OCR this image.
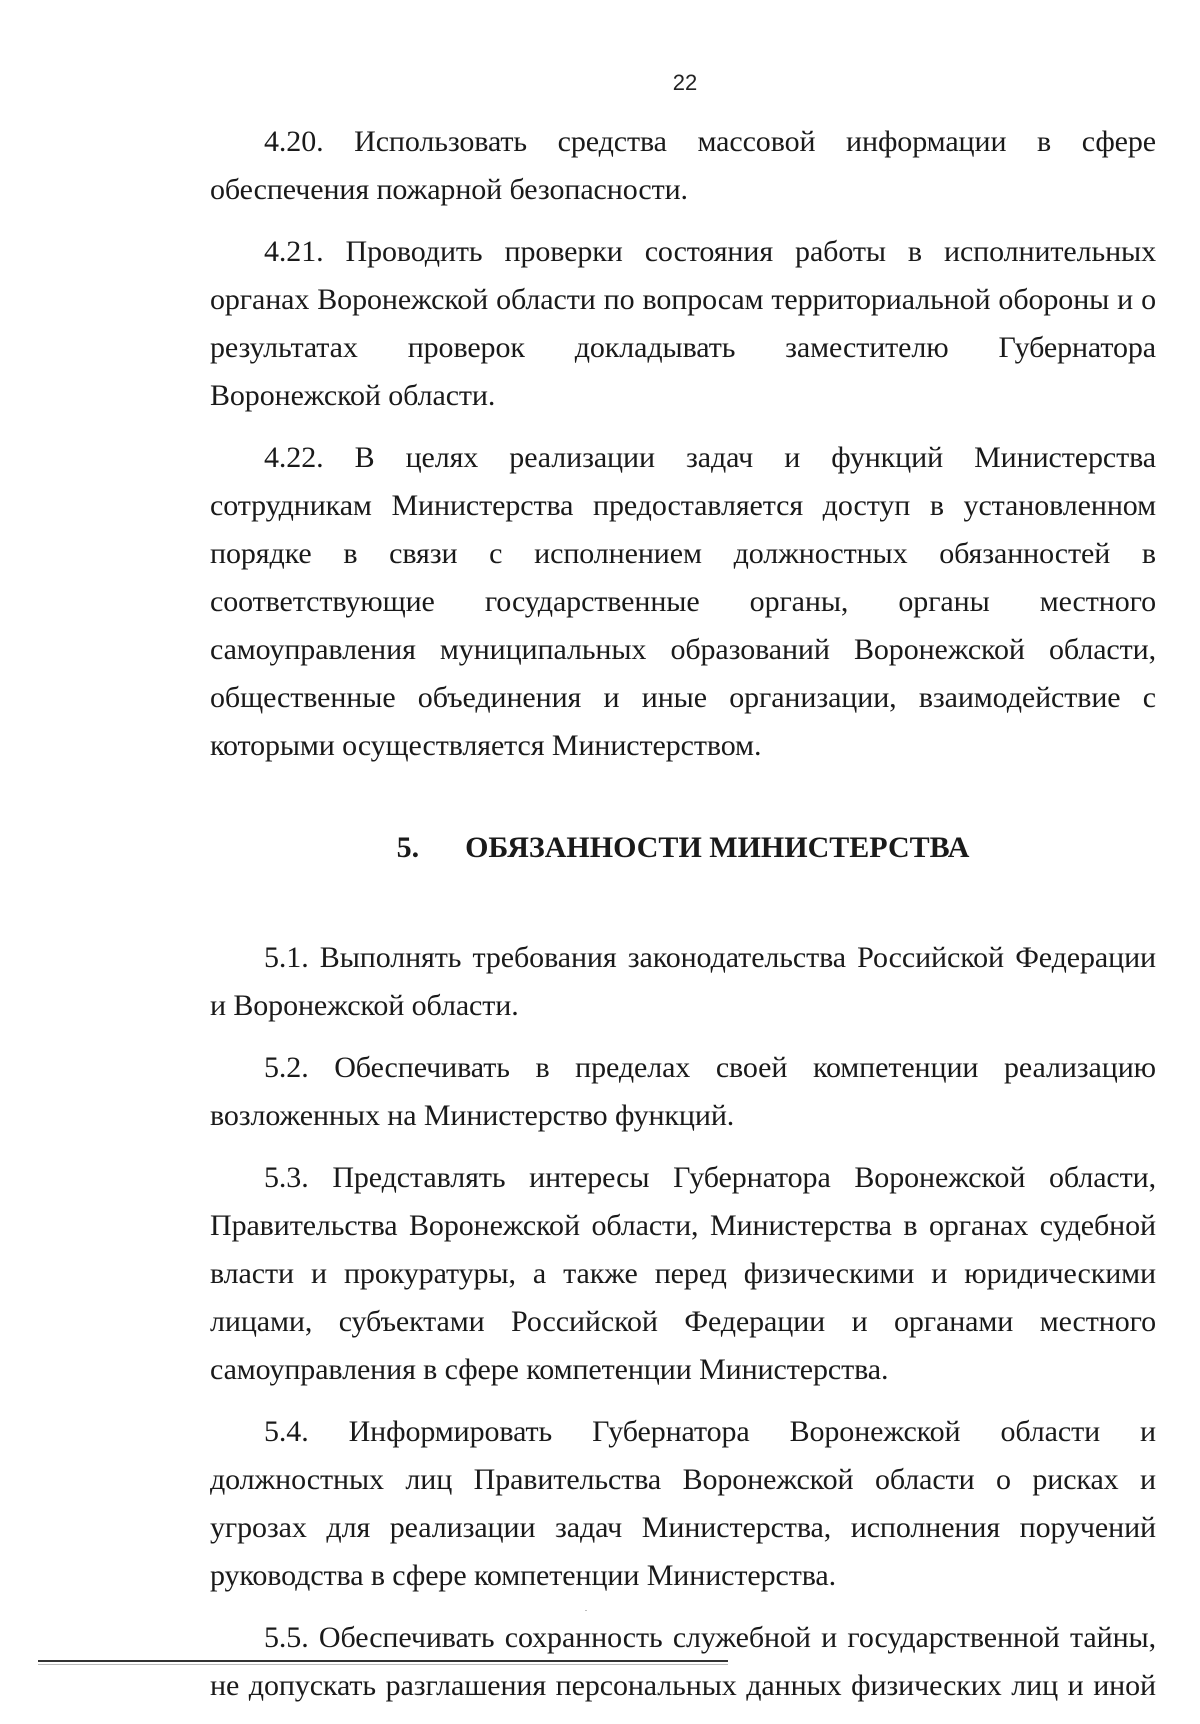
22

4.20. Использовать средства массовой информации в сфере обеспечения пожарной безопасности.

4.21. Проводить проверки состояния работы в исполнительных органах Воронежской области по вопросам территориальной обороны и о результатах проверок докладывать заместителю Губернатора Воронежской области.

4.22. В целях реализации задач и функций Министерства сотрудникам Министерства предоставляется доступ в установленном порядке в связи с исполнением должностных обязанностей в соответствующие государственные органы, органы местного самоуправления муниципальных образований Воронежской области, общественные объединения и иные организации, взаимодействие с которыми осуществляется Министерством.

5. ОБЯЗАННОСТИ МИНИСТЕРСТВА

5.1. Выполнять требования законодательства Российской Федерации и Воронежской области.

5.2. Обеспечивать в пределах своей компетенции реализацию возложенных на Министерство функций.

5.3. Представлять интересы Губернатора Воронежской области, Правительства Воронежской области, Министерства в органах судебной власти и прокуратуры, а также перед физическими и юридическими лицами, субъектами Российской Федерации и органами местного самоуправления в сфере компетенции Министерства.

5.4. Информировать Губернатора Воронежской области и должностных лиц Правительства Воронежской области о рисках и угрозах для реализации задач Министерства, исполнения поручений руководства в сфере компетенции Министерства.

5.5. Обеспечивать сохранность служебной и государственной тайны, не допускать разглашения персональных данных физических лиц и иной
